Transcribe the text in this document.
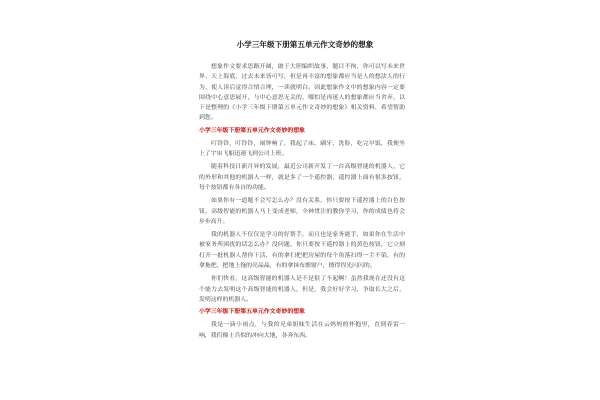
小学三年级下册第五单元作文奇妙的想象

想象作文要求思路开阔，敢于大胆编织故事，题目不拘，你可以写未来世界、天上海底、过去未来皆可写，但是再丰富的想象都应当是人的想法人的行为，使人读后觉得合情合理，一读就明白。因此想象作文中的想象内容一定要围绕中心意思展开，与中心意思无关的，哪怕是再迷人的想象都应当舍弃，以下是整理的《小学三年级下册第五单元作文奇妙的想象》相关资料，希望帮助到您。

小学三年级下册第五单元作文奇妙的想象

叮铃铃，叮铃铃，闹钟响了，我起了床，刷牙，洗脸，吃完早饭，我便坐上了宇宙飞船迅速飞到公司上班。

随着科技日新月异的发展，最近公司新开发了一台高级智能的机器人，它的外形和其他的机器人一样，就是多了一个遥控器，遥控器上面有很多按钮，每个按钮都有各自的功能。

如果你有一道题不会写怎么办？没有关系，你只要按下遥控器上的白色按钮，高级智能的机器人马上变成老师，全神贯注的教你学习，你的成绩也将会步步高升。

我的机器人不仅仅是学习的好帮手，而且也是家务能手，如果你在生活中被家务所困扰的话怎么办？没问题，你只要按下遥控器上的黄色按钮，它立刻打开一批机器人帮你干活，有的拿扫把把房屋的每个角落扫得一尘不染，有的拿拖把，把地上拖的亮晶晶，有的拿抹布擦窗户，擦得锃光闪闪的。

你们快看，这高级智能的机器人是不是很了不起啊！虽然我现在还没有这个能力去发明这个高级智能的机器人，但是，我会好好学习，争取长大之后，发明这样的机器人。

小学三年级下册第五单元作文奇妙的想象

我是一滴小雨点，与我的兄弟姐妹生活在云妈妈的怀抱里，直到春雷一响，我们像士兵似的冲向大地，各奔东西。
